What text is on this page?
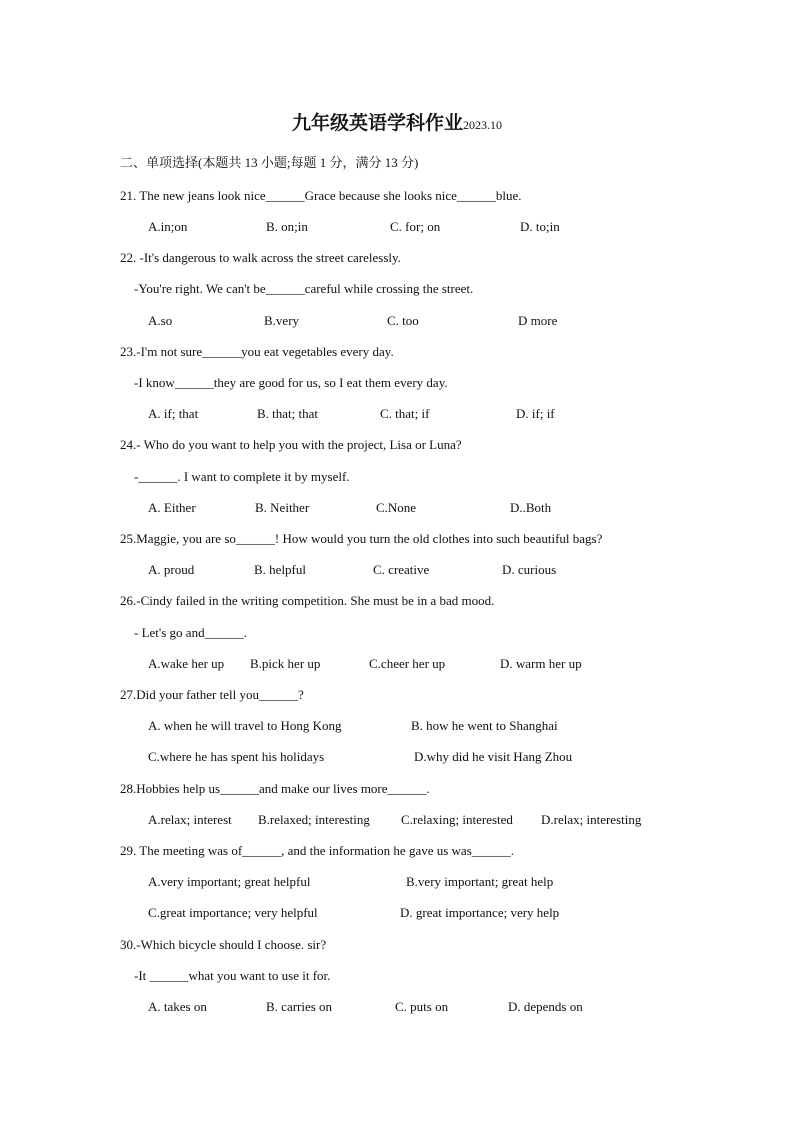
九年级英语学科作业2023.10
二、单项选择(本题共 13 小题;每题 1 分，满分 13 分)
21. The new jeans look nice______Grace because she looks nice______blue.
A.in;on	B. on;in	C. for; on	D. to;in
22. -It's dangerous to walk across the street carelessly.
-You're right. We can't be______careful while crossing the street.
A.so	B.very	C. too	D more
23.-I'm not sure______you eat vegetables every day.
-I know______they are good for us, so I eat them every day.
A. if; that	B. that; that	C. that; if	D. if; if
24.- Who do you want to help you with the project, Lisa or Luna?
-______. I want to complete it by myself.
A. Either	B. Neither	C.None	D..Both
25.Maggie, you are so______! How would you turn the old clothes into such beautiful bags?
A. proud	B. helpful	C. creative	D. curious
26.-Cindy failed in the writing competition. She must be in a bad mood.
- Let's go and______.
A.wake her up B.pick her up	C.cheer her up	D. warm her up
27.Did your father tell you______?
A. when he will travel to Hong Kong	B. how he went to Shanghai
C.where he has spent his holidays	D.why did he visit Hang Zhou
28.Hobbies help us______and make our lives more______.
A.relax; interest B.relaxed; interesting C.relaxing; interested D.relax; interesting
29. The meeting was of______, and the information he gave us was______.
A.very important; great helpful	B.very important; great help
C.great importance; very helpful	D. great importance; very help
30.-Which bicycle should I choose. sir?
-It ______what you want to use it for.
A. takes on	B. carries on	C. puts on	D. depends on
